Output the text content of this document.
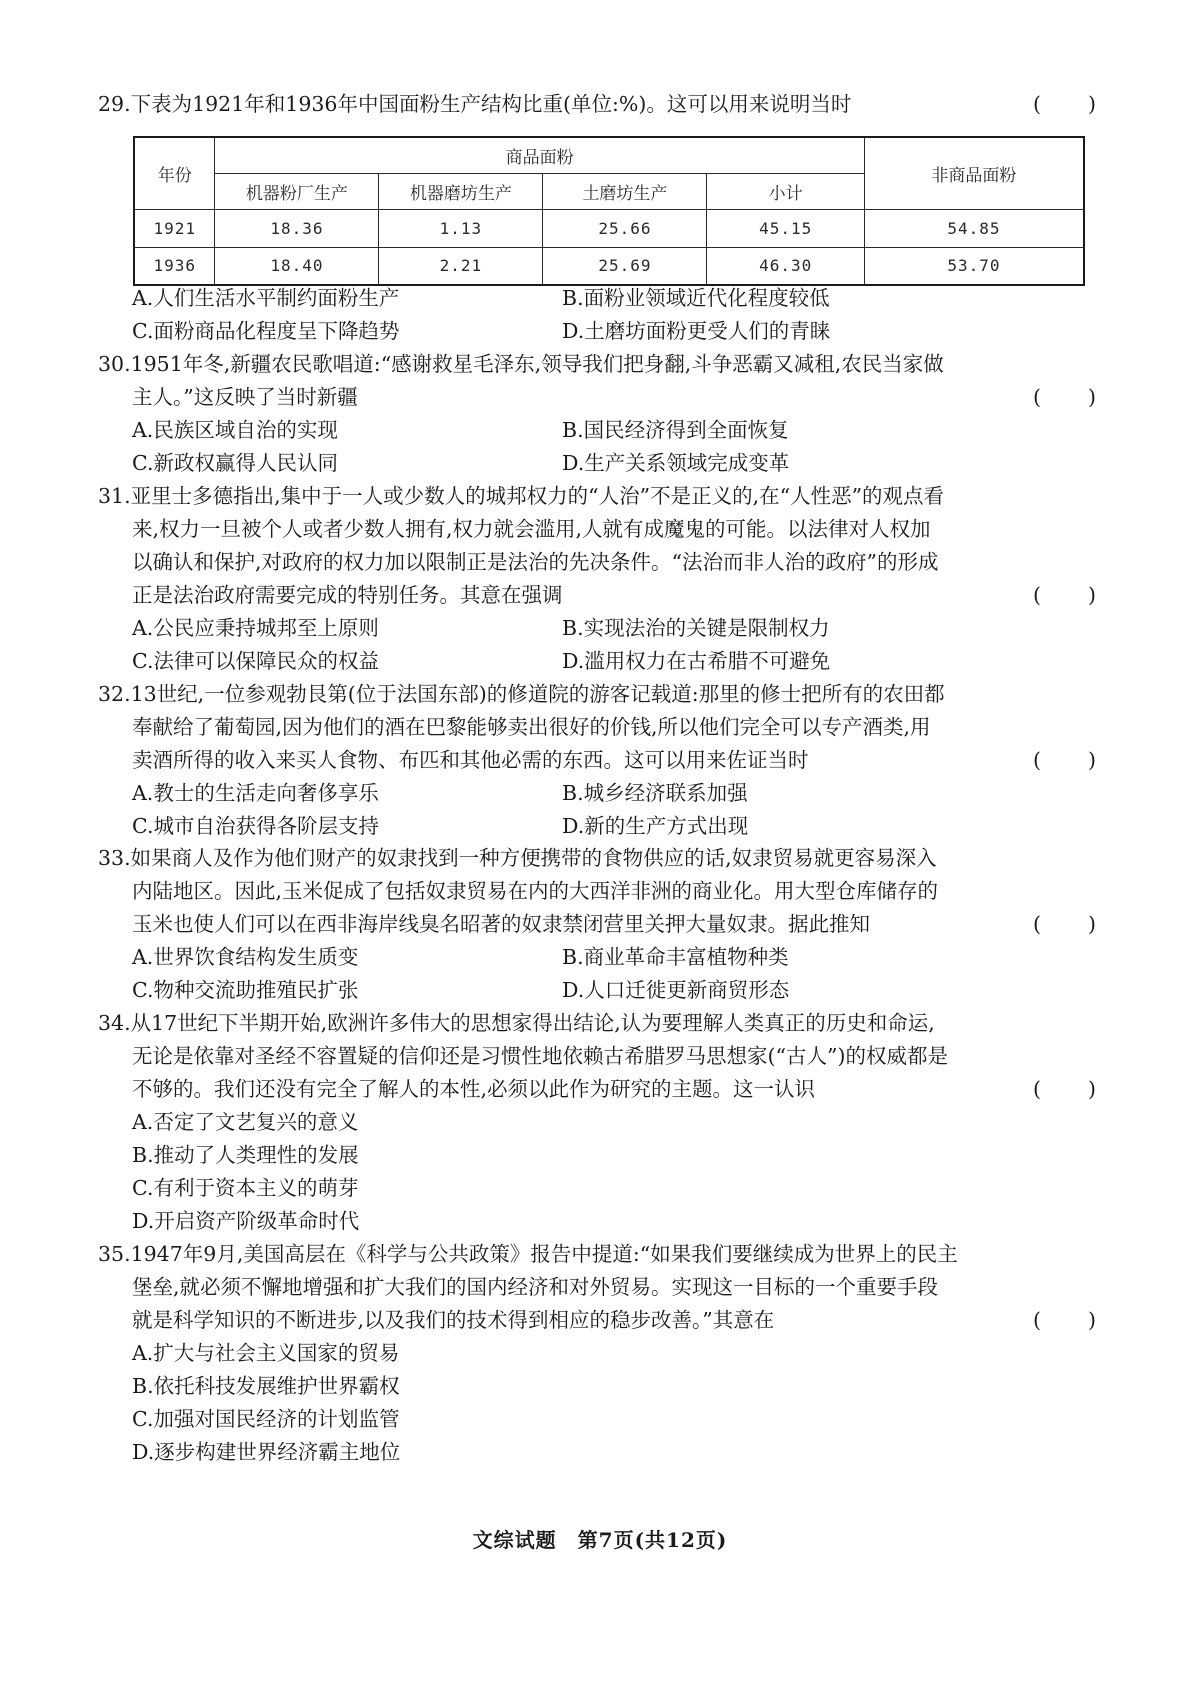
29.下表为1921年和1936年中国面粉生产结构比重(单位:%)。这可以用来说明当时	(　　)
年份	商品面粉				非商品面粉
	机器粉厂生产	机器磨坊生产	土磨坊生产	小计	
1921	18.36	1.13	25.66	45.15	54.85
1936	18.40	2.21	25.69	46.30	53.70
A.人们生活水平制约面粉生产	B.面粉业领域近代化程度较低
C.面粉商品化程度呈下降趋势	D.土磨坊面粉更受人们的青睐
30.1951年冬,新疆农民歌唱道:“感谢救星毛泽东,领导我们把身翻,斗争恶霸又减租,农民当家做
主人。”这反映了当时新疆	(　　)
A.民族区域自治的实现	B.国民经济得到全面恢复
C.新政权赢得人民认同	D.生产关系领域完成变革
31.亚里士多德指出,集中于一人或少数人的城邦权力的“人治”不是正义的,在“人性恶”的观点看
来,权力一旦被个人或者少数人拥有,权力就会滥用,人就有成魔鬼的可能。以法律对人权加
以确认和保护,对政府的权力加以限制正是法治的先决条件。“法治而非人治的政府”的形成
正是法治政府需要完成的特别任务。其意在强调	(　　)
A.公民应秉持城邦至上原则	B.实现法治的关键是限制权力
C.法律可以保障民众的权益	D.滥用权力在古希腊不可避免
32.13世纪,一位参观勃艮第(位于法国东部)的修道院的游客记载道:那里的修士把所有的农田都
奉献给了葡萄园,因为他们的酒在巴黎能够卖出很好的价钱,所以他们完全可以专产酒类,用
卖酒所得的收入来买人食物、布匹和其他必需的东西。这可以用来佐证当时	(　　)
A.教士的生活走向奢侈享乐	B.城乡经济联系加强
C.城市自治获得各阶层支持	D.新的生产方式出现
33.如果商人及作为他们财产的奴隶找到一种方便携带的食物供应的话,奴隶贸易就更容易深入
内陆地区。因此,玉米促成了包括奴隶贸易在内的大西洋非洲的商业化。用大型仓库储存的
玉米也使人们可以在西非海岸线臭名昭著的奴隶禁闭营里关押大量奴隶。据此推知	(　　)
A.世界饮食结构发生质变	B.商业革命丰富植物种类
C.物种交流助推殖民扩张	D.人口迁徙更新商贸形态
34.从17世纪下半期开始,欧洲许多伟大的思想家得出结论,认为要理解人类真正的历史和命运,
无论是依靠对圣经不容置疑的信仰还是习惯性地依赖古希腊罗马思想家(“古人”)的权威都是
不够的。我们还没有完全了解人的本性,必须以此作为研究的主题。这一认识	(　　)
A.否定了文艺复兴的意义
B.推动了人类理性的发展
C.有利于资本主义的萌芽
D.开启资产阶级革命时代
35.1947年9月,美国高层在《科学与公共政策》报告中提道:“如果我们要继续成为世界上的民主
堡垒,就必须不懈地增强和扩大我们的国内经济和对外贸易。实现这一目标的一个重要手段
就是科学知识的不断进步,以及我们的技术得到相应的稳步改善。”其意在	(　　)
A.扩大与社会主义国家的贸易
B.依托科技发展维护世界霸权
C.加强对国民经济的计划监管
D.逐步构建世界经济霸主地位
文综试题　第7页(共12页)
